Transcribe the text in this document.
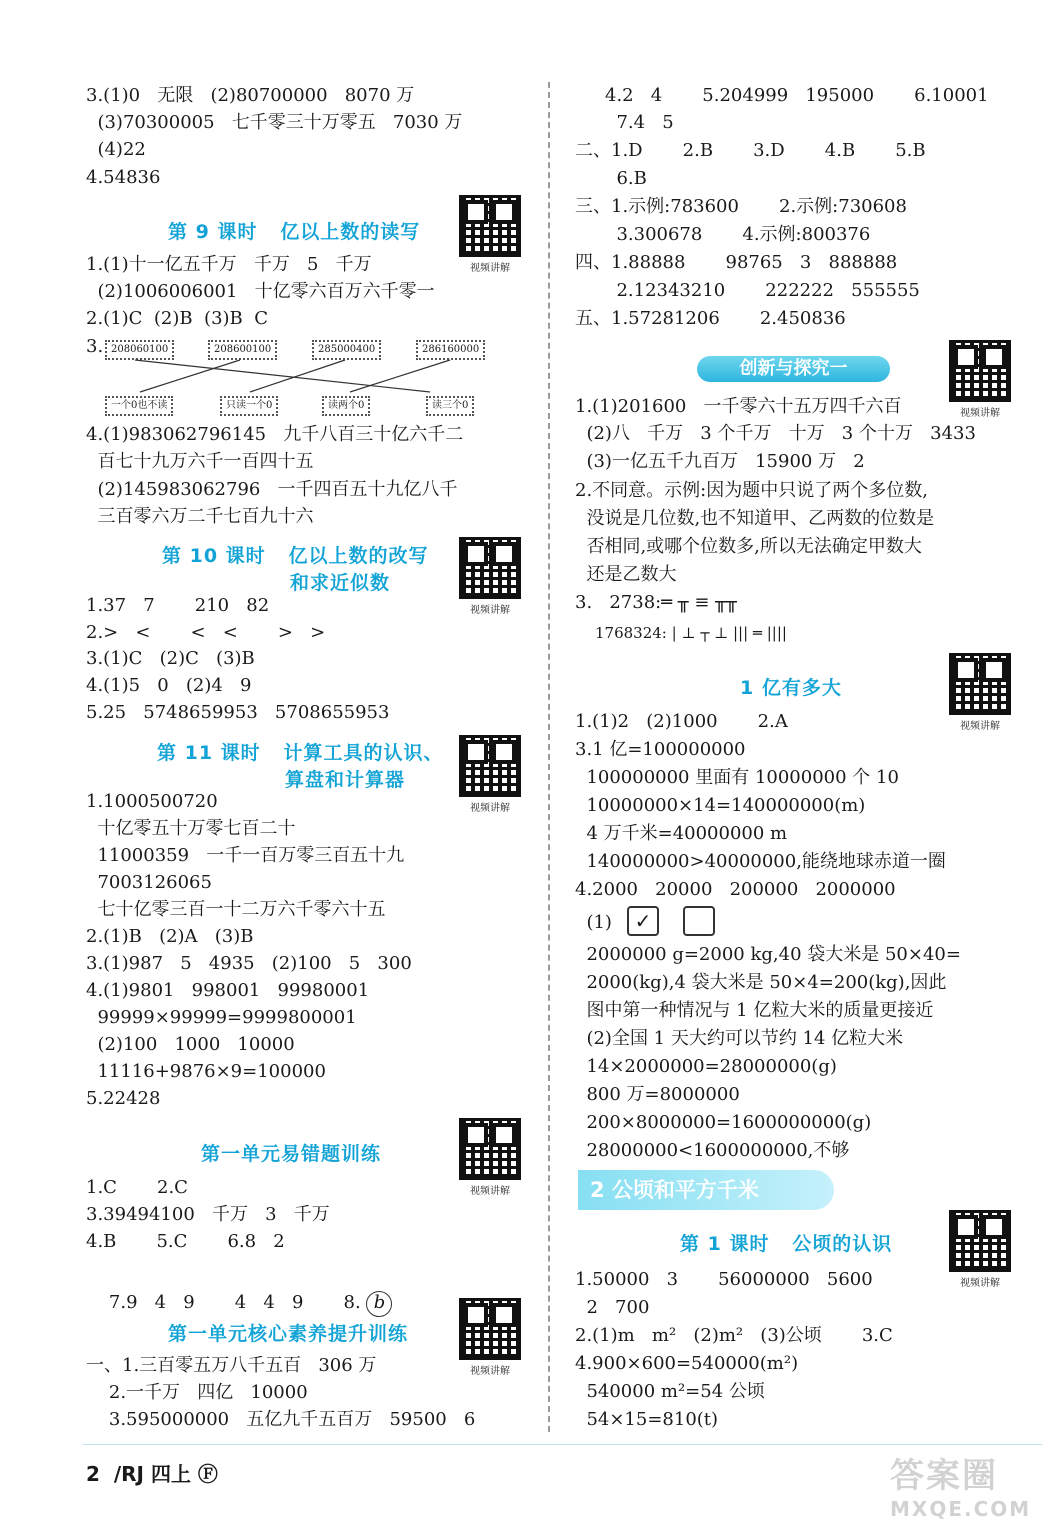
3.(1)0   无限   (2)80700000   8070 万
(3)70300005   七千零三十万零五   7030 万
(4)22
4.54836
第 9 课时   亿以上数的读写
视频讲解
1.(1)十一亿五千万   千万   5   千万
(2)1006006001   十亿零六百万六千零一
2.(1)C  (2)B  (3)B  C
3. 208060100	208600100	285000400	286160000
一个0也不读	只读一个0	读两个0	读三个0
4.(1)983062796145   九千八百三十亿六千二
百七十九万六千一百四十五
(2)145983062796   一千四百五十九亿八千
三百零六万二千七百九十六
第 10 课时   亿以上数的改写
和求近似数
视频讲解
1.37   7       210   82
2.>   <       <   <       >   >
3.(1)C   (2)C   (3)B
4.(1)5   0   (2)4   9
5.25   5748659953   5708655953
第 11 课时   计算工具的认识、
算盘和计算器
视频讲解
1.1000500720
十亿零五十万零七百二十
11000359   一千一百万零三百五十九
7003126065
七十亿零三百一十二万六千零六十五
2.(1)B   (2)A   (3)B
3.(1)987   5   4935   (2)100   5   300
4.(1)9801   998001   99980001
99999×99999=9999800001
(2)100   1000   10000
11116+9876×9=100000
5.22428
第一单元易错题训练
视频讲解
1.C       2.C
3.39494100   千万   3   千万
4.B       5.C       6.8   2

7.9   4   9       4   4   9       8. b

第一单元核心素养提升训练
视频讲解
一、1.三百零五万八千五百   306 万
2.一千万   四亿   10000
3.595000000   五亿九千五百万   59500   6
4.2   4       5.204999   195000       6.10001
7.4   5
二、1.D       2.B       3.D       4.B       5.B
6.B
三、1.示例:783600       2.示例:730608
3.300678       4.示例:800376
四、1.88888       98765   3   888888
2.12343210       222222   555555
五、1.57281206       2.450836
创新与探究一
视频讲解
1.(1)201600   一千零六十五万四千六百
(2)八   千万   3 个千万   十万   3 个十万   3433
(3)一亿五千九百万   15900 万   2
2.不同意。示例:因为题中只说了两个多位数,
没说是几位数,也不知道甲、乙两数的位数是
否相同,或哪个位数多,所以无法确定甲数大
还是乙数大
3.   2738:═ ╥ ≡ ╥╥
1768324: | ⊥ ┬ ⊥ ||| ═ ||||
1 亿有多大
视频讲解
1.(1)2   (2)1000       2.A
3.1 亿=100000000
100000000 里面有 10000000 个 10
10000000×14=140000000(m)
4 万千米=40000000 m
140000000>40000000,能绕地球赤道一圈
4.2000   20000   200000   2000000
(1)	✓
2000000 g=2000 kg,40 袋大米是 50×40=
2000(kg),4 袋大米是 50×4=200(kg),因此
图中第一种情况与 1 亿粒大米的质量更接近
(2)全国 1 天大约可以节约 14 亿粒大米
14×2000000=28000000(g)
800 万=8000000
200×8000000=1600000000(g)
28000000<1600000000,不够
2 公顷和平方千米
第 1 课时   公顷的认识
视频讲解
1.50000   3       56000000   5600
2   700
2.(1)m   m²   (2)m²   (3)公顷       3.C
4.900×600=540000(m²)
540000 m²=54 公顷
54×15=810(t)
2  /RJ 四上 Ⓕ	答案圈
MXQE.COM
